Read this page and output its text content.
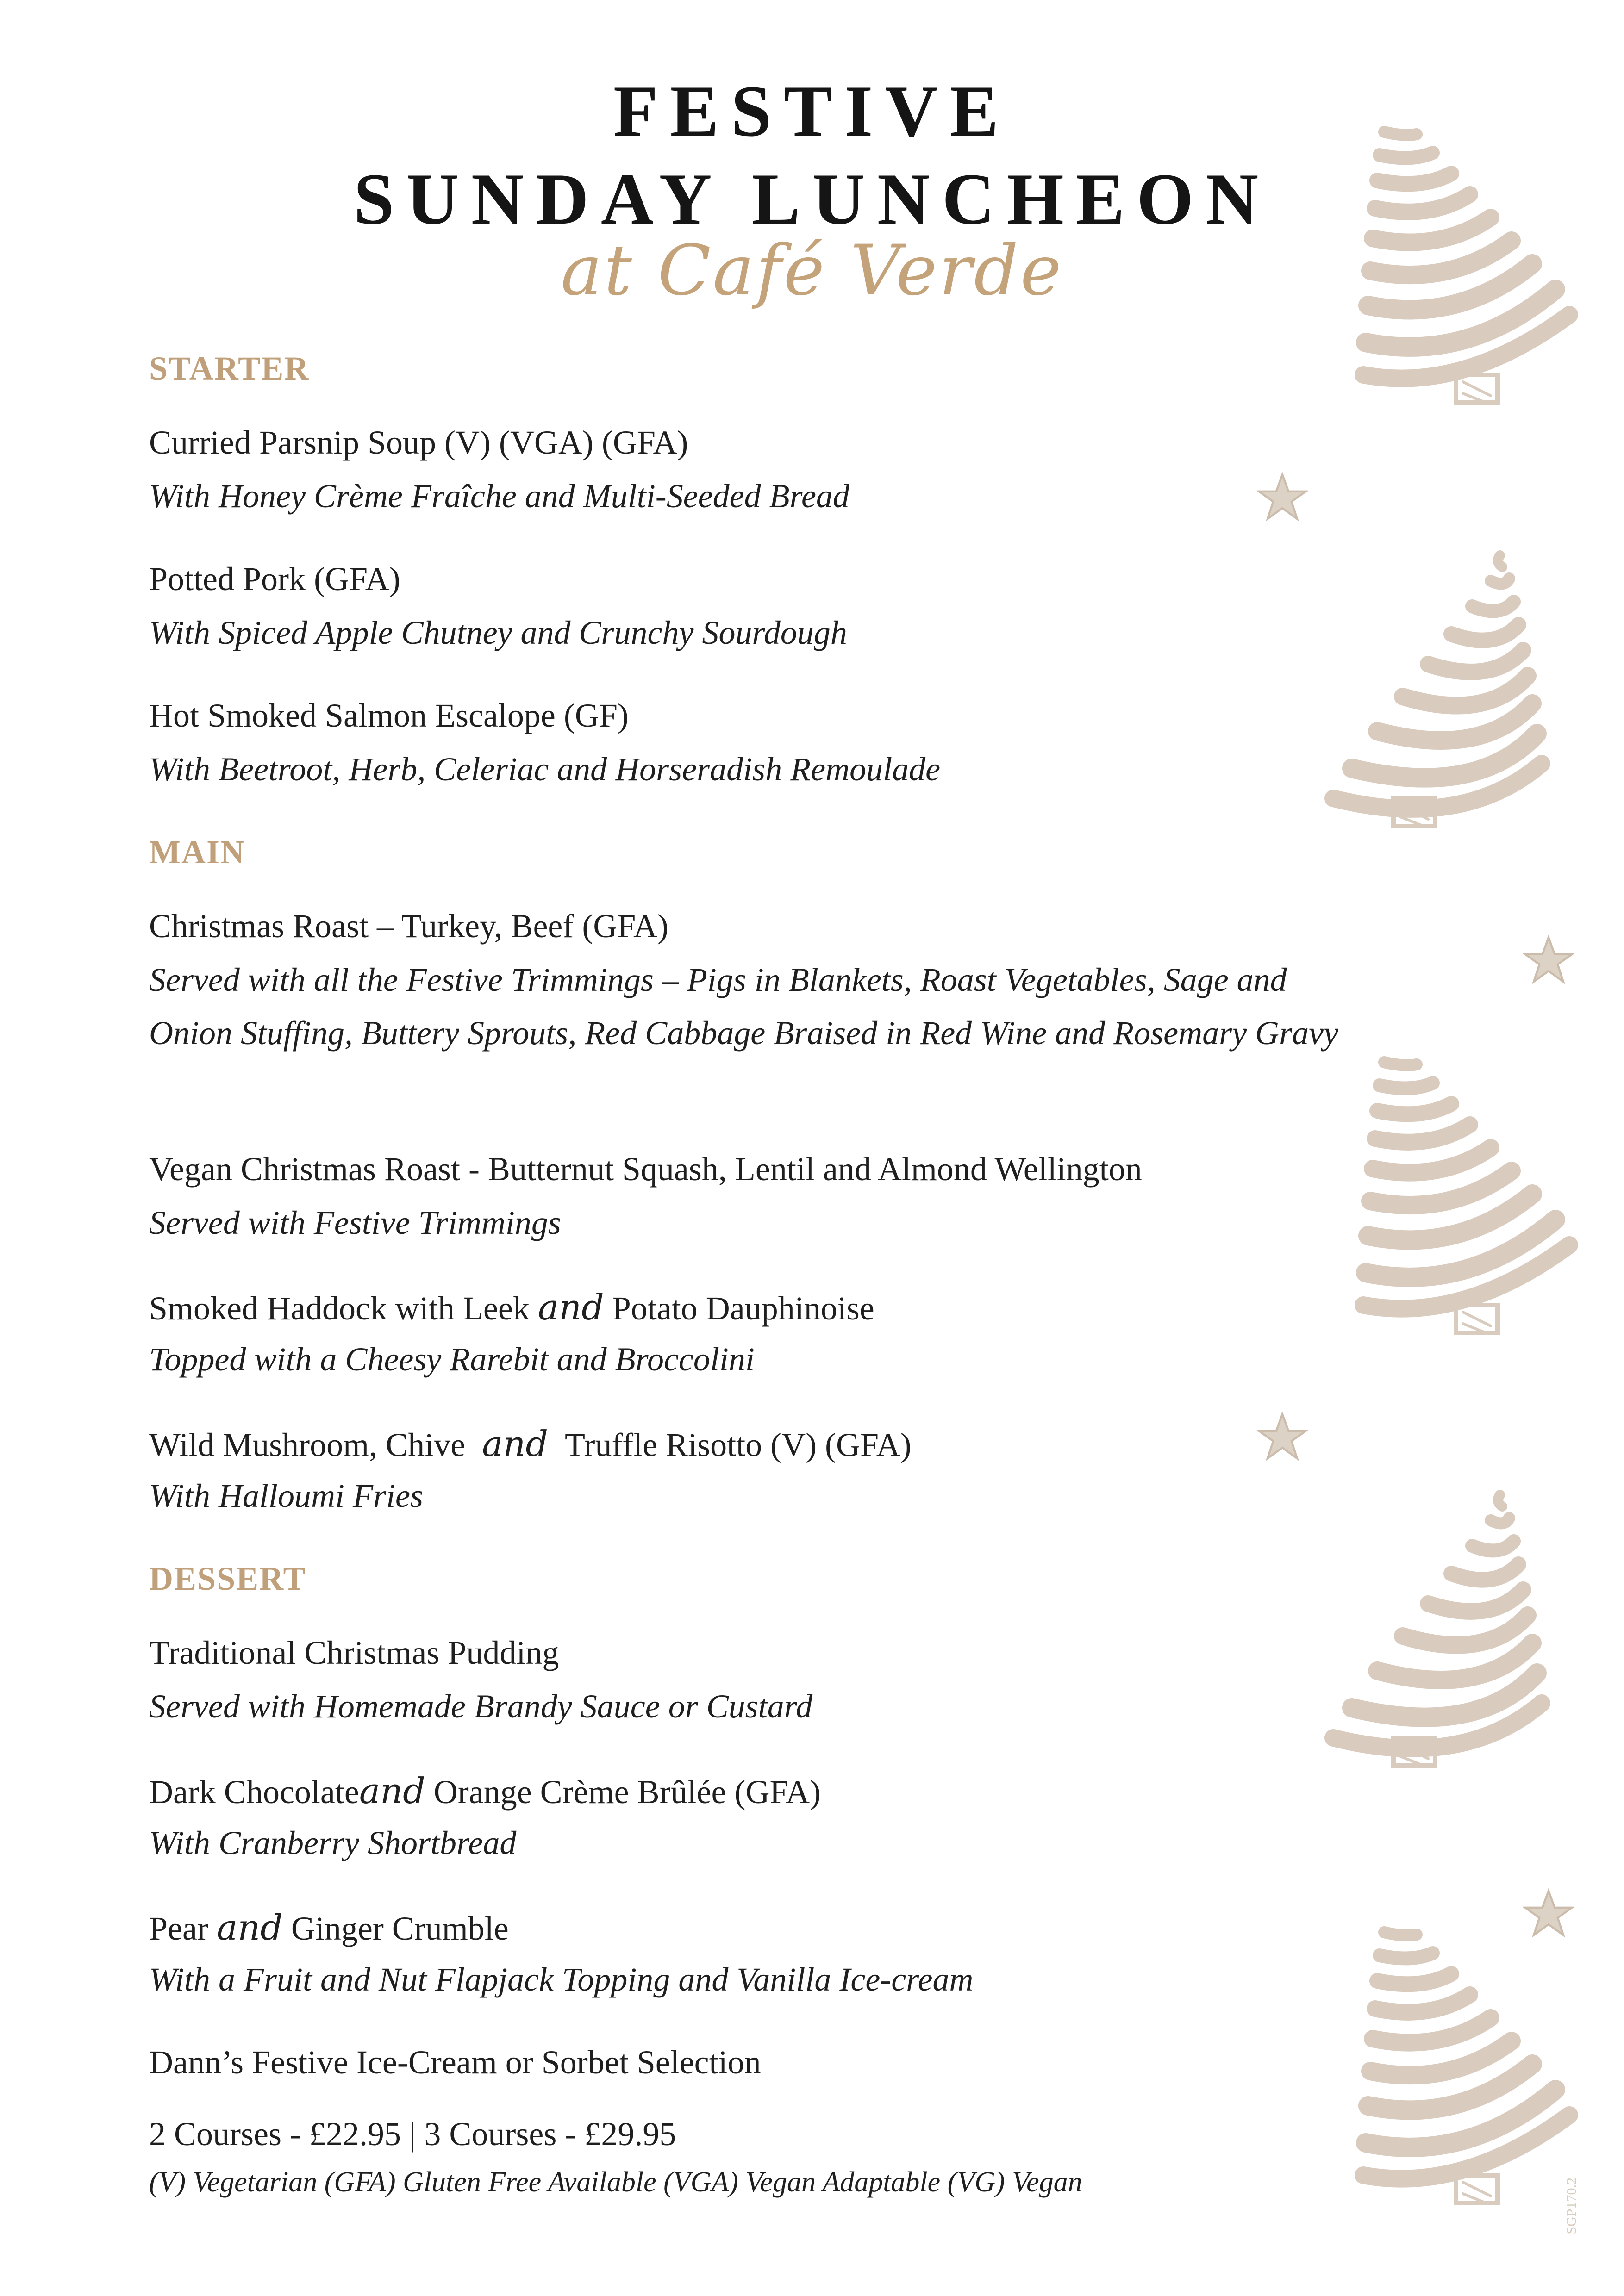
FESTIVE
SUNDAY LUNCHEON

at Café Verde

STARTER
Curried Parsnip Soup (V) (VGA) (GFA)
With Honey Crème Fraîche and Multi-Seeded Bread
Potted Pork (GFA)
With Spiced Apple Chutney and Crunchy Sourdough
Hot Smoked Salmon Escalope (GF)
With Beetroot, Herb, Celeriac and Horseradish Remoulade
MAIN
Christmas Roast – Turkey, Beef (GFA)
Served with all the Festive Trimmings – Pigs in Blankets, Roast Vegetables, Sage and Onion Stuffing, Buttery Sprouts, Red Cabbage Braised in Red Wine and Rosemary Gravy
Vegan Christmas Roast - Butternut Squash, Lentil and Almond Wellington
Served with Festive Trimmings
Smoked Haddock with Leek and Potato Dauphinoise
Topped with a Cheesy Rarebit and Broccolini
Wild Mushroom, Chive and Truffle Risotto (V) (GFA)
With Halloumi Fries
DESSERT
Traditional Christmas Pudding
Served with Homemade Brandy Sauce or Custard
Dark Chocolateand Orange Crème Brûlée (GFA)
With Cranberry Shortbread
Pear and Ginger Crumble
With a Fruit and Nut Flapjack Topping and Vanilla Ice-cream
Dann’s Festive Ice-Cream or Sorbet Selection
2 Courses - £22.95 | 3 Courses - £29.95
(V) Vegetarian (GFA) Gluten Free Available (VGA) Vegan Adaptable (VG) Vegan	SGP170.2
